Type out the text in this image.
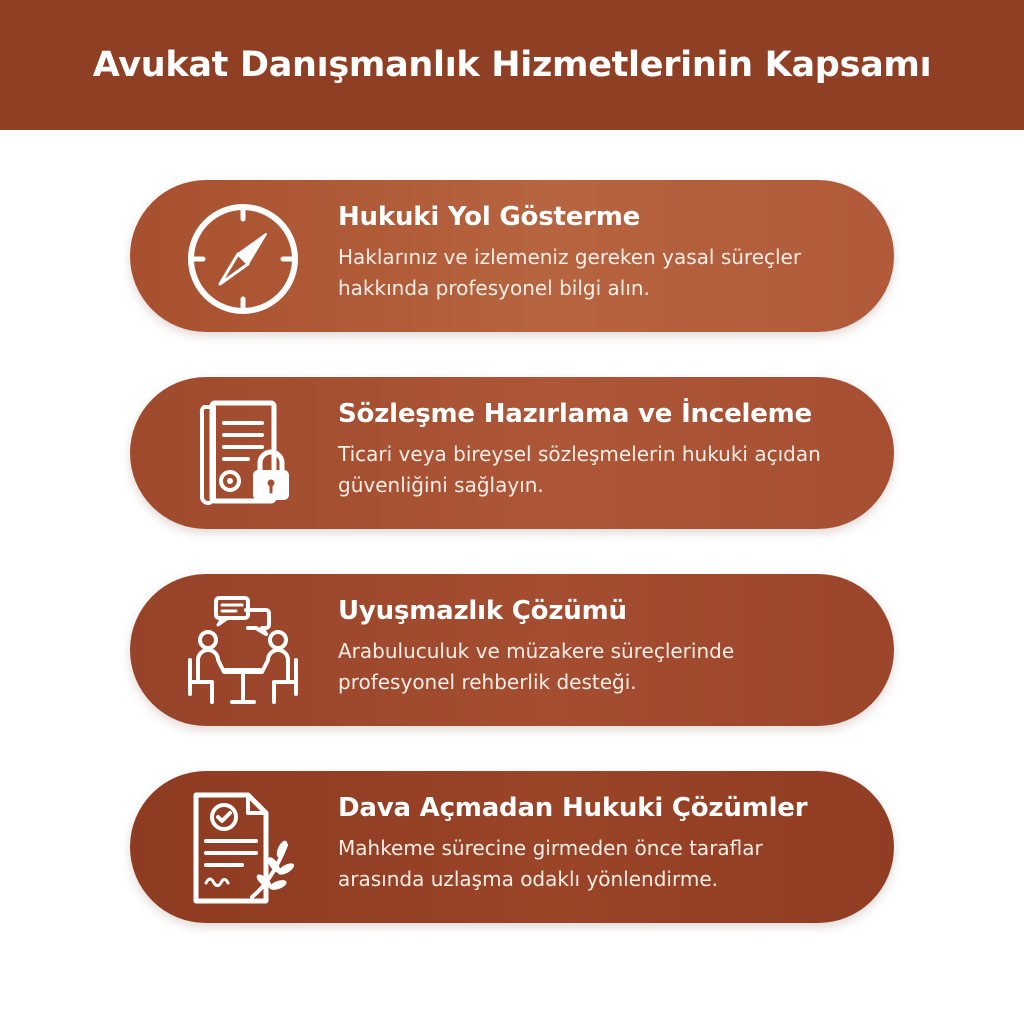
Avukat Danışmanlık Hizmetlerinin Kapsamı

Hukuki Yol Gösterme

Haklarınız ve izlemeniz gereken yasal süreçler hakkında profesyonel bilgi alın.

Sözleşme Hazırlama ve İnceleme

Ticari veya bireysel sözleşmelerin hukuki açıdan güvenliğini sağlayın.

Uyuşmazlık Çözümü

Arabuluculuk ve müzakere süreçlerinde profesyonel rehberlik desteği.

Dava Açmadan Hukuki Çözümler

Mahkeme sürecine girmeden önce taraflar arasında uzlaşma odaklı yönlendirme.
